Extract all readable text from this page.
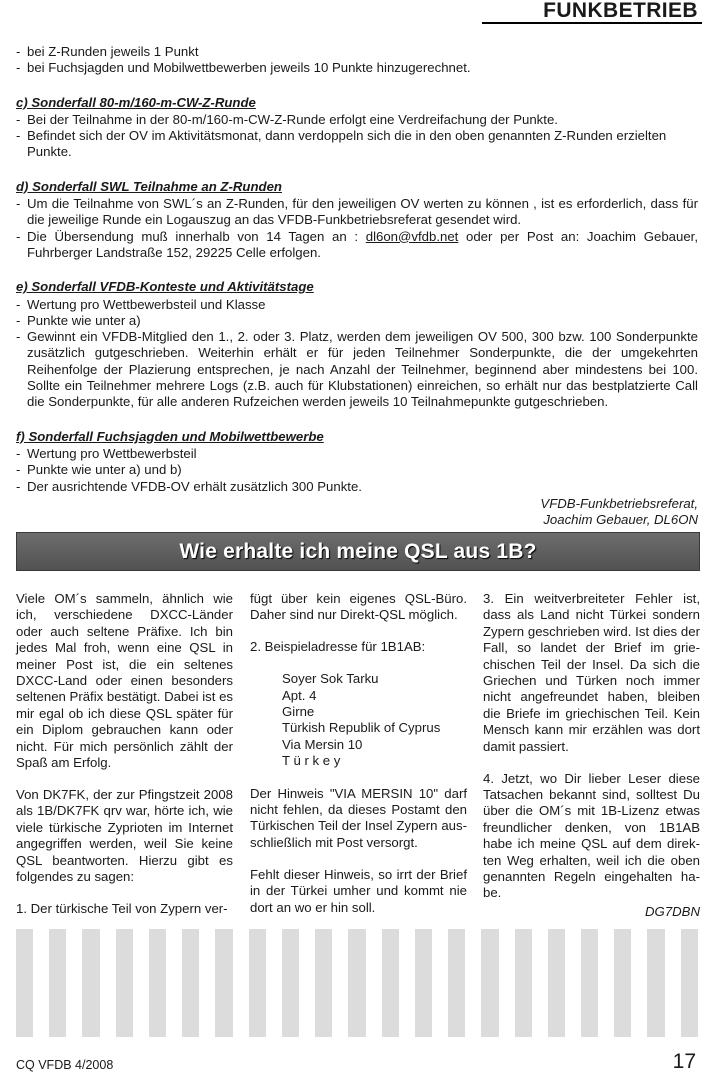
FUNKBETRIEB
- bei Z-Runden jeweils 1 Punkt
- bei Fuchsjagden und Mobilwettbewerben jeweils 10 Punkte hinzugerechnet.
c) Sonderfall 80-m/160-m-CW-Z-Runde
- Bei der Teilnahme in der 80-m/160-m-CW-Z-Runde erfolgt eine Verdreifachung der Punkte.
- Befindet sich der OV im Aktivitätsmonat, dann verdoppeln sich die in den oben genannten Z-Runden erzielten Punkte.
d) Sonderfall SWL Teilnahme an Z-Runden
- Um die Teilnahme von SWL´s an Z-Runden, für den jeweiligen OV werten zu können , ist es erforderlich, dass für die jeweilige Runde ein Logauszug an das VFDB-Funkbetriebsreferat gesendet wird.
- Die Übersendung muß innerhalb von 14 Tagen an : dl6on@vfdb.net oder per Post an: Joachim Gebauer, Fuhrberger Landstraße 152, 29225 Celle erfolgen.
e) Sonderfall VFDB-Konteste und Aktivitätstage
- Wertung pro Wettbewerbsteil und Klasse
- Punkte wie unter a)
- Gewinnt ein VFDB-Mitglied den 1., 2. oder 3. Platz, werden dem jeweiligen OV 500, 300 bzw. 100 Sonderpunkte zusätzlich gutgeschrieben. Weiterhin erhält er für jeden Teilnehmer Sonderpunkte, die der umgekehrten Reihenfolge der Plazierung entsprechen, je nach Anzahl der Teilnehmer, beginnend aber mindestens bei 100. Sollte ein Teilnehmer mehrere Logs (z.B. auch für Klubstationen) einreichen, so erhält nur das bestplatzierte Call die Sonderpunkte, für alle anderen Rufzeichen werden jeweils 10 Teilnahmepunkte gutgeschrieben.
f) Sonderfall Fuchsjagden und Mobilwettbewerbe
- Wertung pro Wettbewerbsteil
- Punkte wie unter a) und b)
- Der ausrichtende VFDB-OV erhält zusätzlich 300 Punkte.
VFDB-Funkbetriebsreferat,
Joachim Gebauer, DL6ON
Wie erhalte ich meine QSL aus 1B?

Viele OM´s sammeln, ähnlich wie ich, verschiedene DXCC-Länder oder auch seltene Präfixe. Ich bin jedes Mal froh, wenn eine QSL in meiner Post ist, die ein seltenes DXCC-Land oder einen besonders seltenen Präfix bestätigt. Dabei ist es mir egal ob ich diese QSL später für ein Diplom gebrauchen kann oder nicht. Für mich persönlich zählt der Spaß am Erfolg.

Von DK7FK, der zur Pfingstzeit 2008 als 1B/DK7FK qrv war, hörte ich, wie viele türkische Zyprioten im Internet angegriffen werden, weil Sie keine QSL beantworten. Hierzu gibt es folgendes zu sagen:

1. Der türkische Teil von Zypern ver-

fügt über kein eigenes QSL-Büro. Daher sind nur Direkt-QSL möglich.

2. Beispieladresse für 1B1AB:

Soyer Sok Tarku
Apt. 4
Girne
Türkish Republik of Cyprus
Via Mersin 10
T ü r k e y

Der Hinweis "VIA MERSIN 10" darf nicht fehlen, da dieses Postamt den Türkischen Teil der Insel Zypern aus-schließlich mit Post versorgt.

Fehlt dieser Hinweis, so irrt der Brief in der Türkei umher und kommt nie dort an wo er hin soll.

3. Ein weitverbreiteter Fehler ist, dass als Land nicht Türkei sondern Zypern geschrieben wird. Ist dies der Fall, so landet der Brief im grie-chischen Teil der Insel. Da sich die Griechen und Türken noch immer nicht angefreundet haben, bleiben die Briefe im griechischen Teil. Kein Mensch kann mir erzählen was dort damit passiert.

4. Jetzt, wo Dir lieber Leser diese Tatsachen bekannt sind, solltest Du über die OM´s mit 1B-Lizenz etwas freundlicher denken, von 1B1AB habe ich meine QSL auf dem direk-ten Weg erhalten, weil ich die oben genannten Regeln eingehalten ha-be.

DG7DBN
CQ VFDB 4/2008	17
